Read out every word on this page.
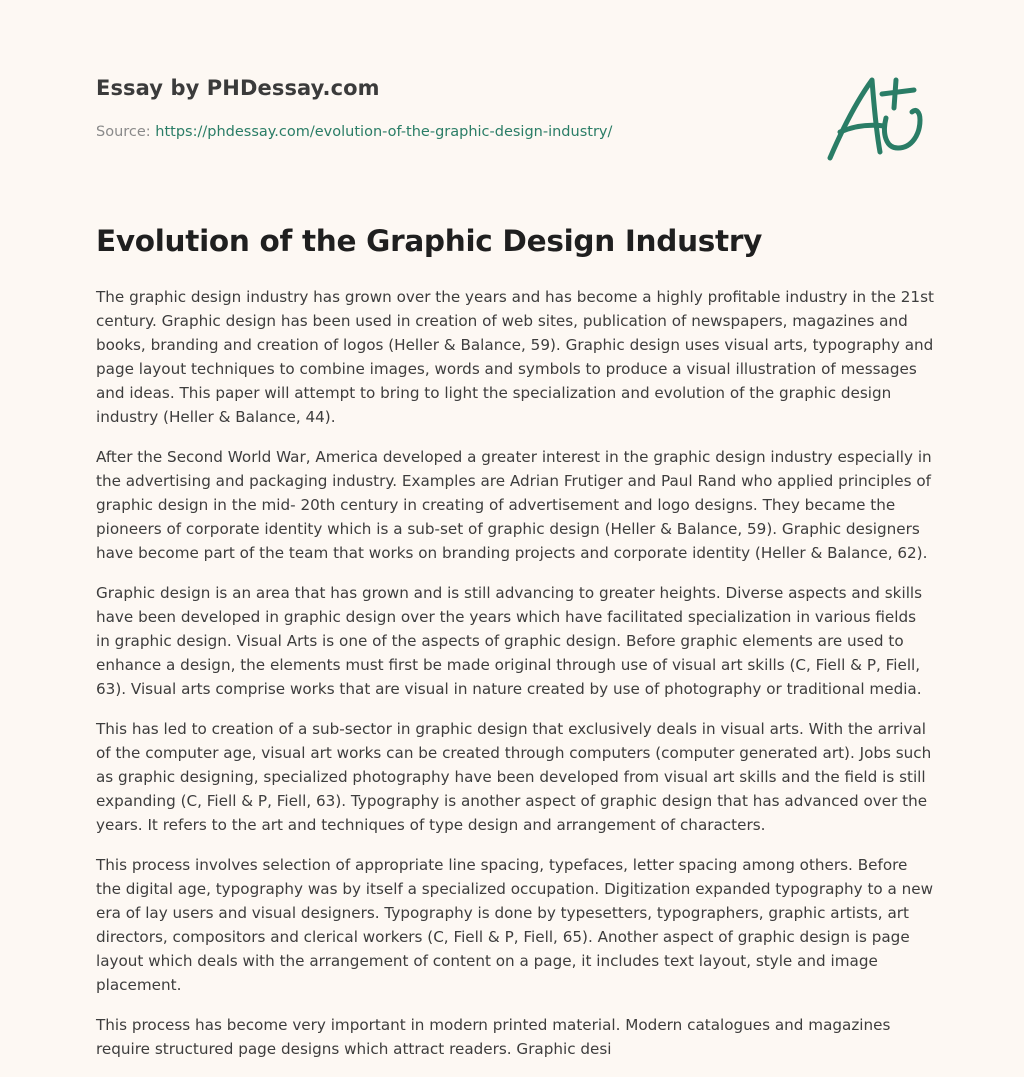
Essay by PHDessay.com
Source: https://phdessay.com/evolution-of-the-graphic-design-industry/
Evolution of the Graphic Design Industry

The graphic design industry has grown over the years and has become a highly profitable industry in the 21st century. Graphic design has been used in creation of web sites, publication of newspapers, magazines and books, branding and creation of logos (Heller & Balance, 59). Graphic design uses visual arts, typography and page layout techniques to combine images, words and symbols to produce a visual illustration of messages and ideas. This paper will attempt to bring to light the specialization and evolution of the graphic design industry (Heller & Balance, 44).

After the Second World War, America developed a greater interest in the graphic design industry especially in the advertising and packaging industry. Examples are Adrian Frutiger and Paul Rand who applied principles of graphic design in the mid- 20th century in creating of advertisement and logo designs. They became the pioneers of corporate identity which is a sub-set of graphic design (Heller & Balance, 59). Graphic designers have become part of the team that works on branding projects and corporate identity (Heller & Balance, 62).

Graphic design is an area that has grown and is still advancing to greater heights. Diverse aspects and skills have been developed in graphic design over the years which have facilitated specialization in various fields in graphic design. Visual Arts is one of the aspects of graphic design. Before graphic elements are used to enhance a design, the elements must first be made original through use of visual art skills (C, Fiell & P, Fiell, 63). Visual arts comprise works that are visual in nature created by use of photography or traditional media.

This has led to creation of a sub-sector in graphic design that exclusively deals in visual arts. With the arrival of the computer age, visual art works can be created through computers (computer generated art). Jobs such as graphic designing, specialized photography have been developed from visual art skills and the field is still expanding (C, Fiell & P, Fiell, 63). Typography is another aspect of graphic design that has advanced over the years. It refers to the art and techniques of type design and arrangement of characters.

This process involves selection of appropriate line spacing, typefaces, letter spacing among others. Before the digital age, typography was by itself a specialized occupation. Digitization expanded typography to a new era of lay users and visual designers. Typography is done by typesetters, typographers, graphic artists, art directors, compositors and clerical workers (C, Fiell & P, Fiell, 65). Another aspect of graphic design is page layout which deals with the arrangement of content on a page, it includes text layout, style and image placement.

This process has become very important in modern printed material. Modern catalogues and magazines require structured page designs which attract readers. Graphic desi
